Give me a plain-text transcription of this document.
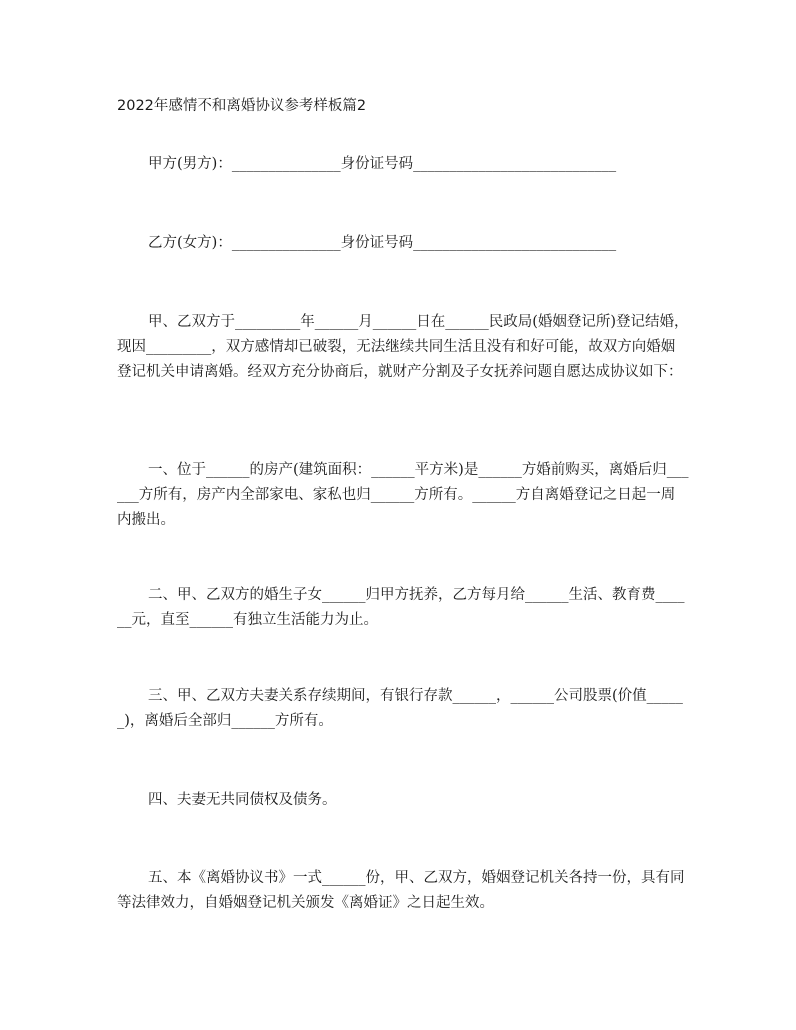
2022年感情不和离婚协议参考样板篇2
甲方(男方)：_______________身份证号码____________________________
乙方(女方)：_______________身份证号码____________________________
甲、乙双方于_________年______月______日在______民政局(婚姻登记所)登记结婚，现因_________，双方感情却已破裂，无法继续共同生活且没有和好可能，故双方向婚姻登记机关申请离婚。经双方充分协商后，就财产分割及子女抚养问题自愿达成协议如下：
一、位于______的房产(建筑面积：______平方米)是______方婚前购买，离婚后归______方所有，房产内全部家电、家私也归______方所有。______方自离婚登记之日起一周内搬出。
二、甲、乙双方的婚生子女______归甲方抚养，乙方每月给______生活、教育费______元，直至______有独立生活能力为止。
三、甲、乙双方夫妻关系存续期间，有银行存款______，______公司股票(价值______)，离婚后全部归______方所有。
四、夫妻无共同债权及债务。
五、本《离婚协议书》一式______份，甲、乙双方，婚姻登记机关各持一份，具有同等法律效力，自婚姻登记机关颁发《离婚证》之日起生效。
